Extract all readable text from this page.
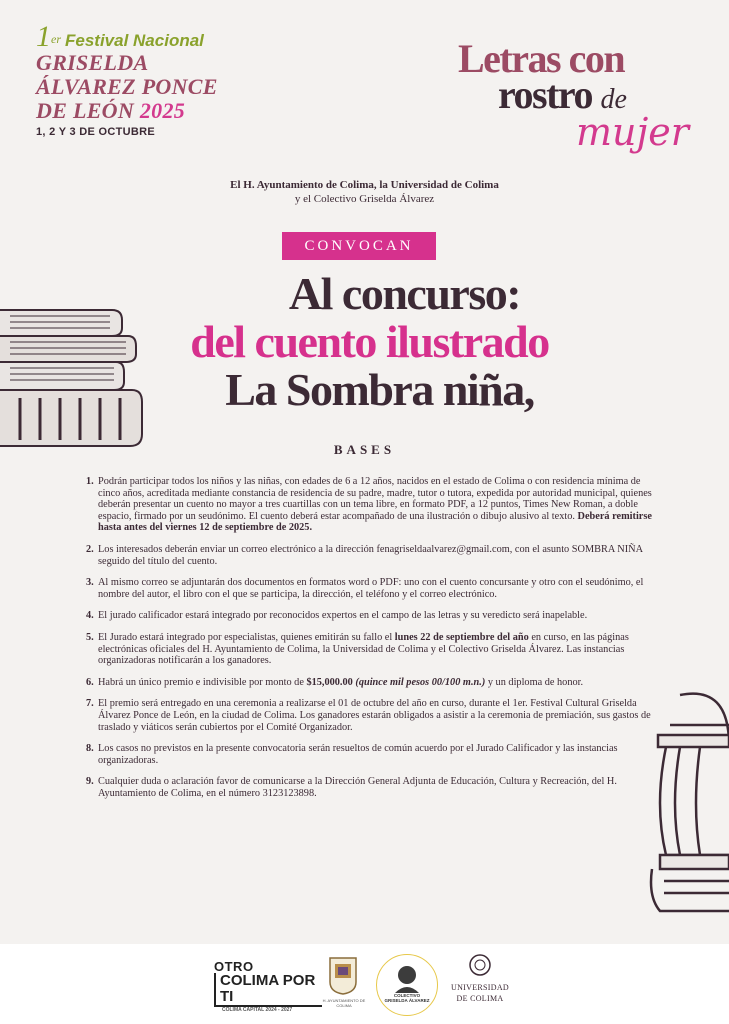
1er Festival Nacional
GRISELDA
ÁLVAREZ PONCE
DE LEÓN 2025
1, 2 Y 3 DE OCTUBRE
Letras con
rostro de
mujer
El H. Ayuntamiento de Colima, la Universidad de Colima
y el Colectivo Griselda Álvarez
CONVOCAN
Al concurso:
del cuento ilustrado
La Sombra niña,
BASES
1. Podrán participar todos los niños y las niñas, con edades de 6 a 12 años, nacidos en el estado de Colima o con residencia mínima de cinco años, acreditada mediante constancia de residencia de su padre, madre, tutor o tutora, expedida por autoridad municipal, quienes deberán presentar un cuento no mayor a tres cuartillas con un tema libre, en formato PDF, a 12 puntos, Times New Roman, a doble espacio, firmado por un seudónimo. El cuento deberá estar acompañado de una ilustración o dibujo alusivo al texto. Deberá remitirse hasta antes del viernes 12 de septiembre de 2025.
2. Los interesados deberán enviar un correo electrónico a la dirección fenagriseldaalvarez@gmail.com, con el asunto SOMBRA NIÑA seguido del título del cuento.
3. Al mismo correo se adjuntarán dos documentos en formatos word o PDF: uno con el cuento concursante y otro con el seudónimo, el nombre del autor, el libro con el que se participa, la dirección, el teléfono y el correo electrónico.
4. El jurado calificador estará integrado por reconocidos expertos en el campo de las letras y su veredicto será inapelable.
5. El Jurado estará integrado por especialistas, quienes emitirán su fallo el lunes 22 de septiembre del año en curso, en las páginas electrónicas oficiales del H. Ayuntamiento de Colima, la Universidad de Colima y el Colectivo Griselda Álvarez. Las instancias organizadoras notificarán a los ganadores.
6. Habrá un único premio e indivisible por monto de $15,000.00 (quince mil pesos 00/100 m.n.) y un diploma de honor.
7. El premio será entregado en una ceremonia a realizarse el 01 de octubre del año en curso, durante el 1er. Festival Cultural Griselda Álvarez Ponce de León, en la ciudad de Colima. Los ganadores estarán obligados a asistir a la ceremonia de premiación, sus gastos de traslado y viáticos serán cubiertos por el Comité Organizador.
8. Los casos no previstos en la presente convocatoria serán resueltos de común acuerdo por el Jurado Calificador y las instancias organizadoras.
9. Cualquier duda o aclaración favor de comunicarse a la Dirección General Adjunta de Educación, Cultura y Recreación, del H. Ayuntamiento de Colima, en el número 3123123898.
OTRO
COLIMA POR TI
COLIMA CAPITAL 2024 - 2027
H. AYUNTAMIENTO DE COLIMA
COLECTIVO
GRISELDA ÁLVAREZ
UNIVERSIDAD
DE COLIMA
